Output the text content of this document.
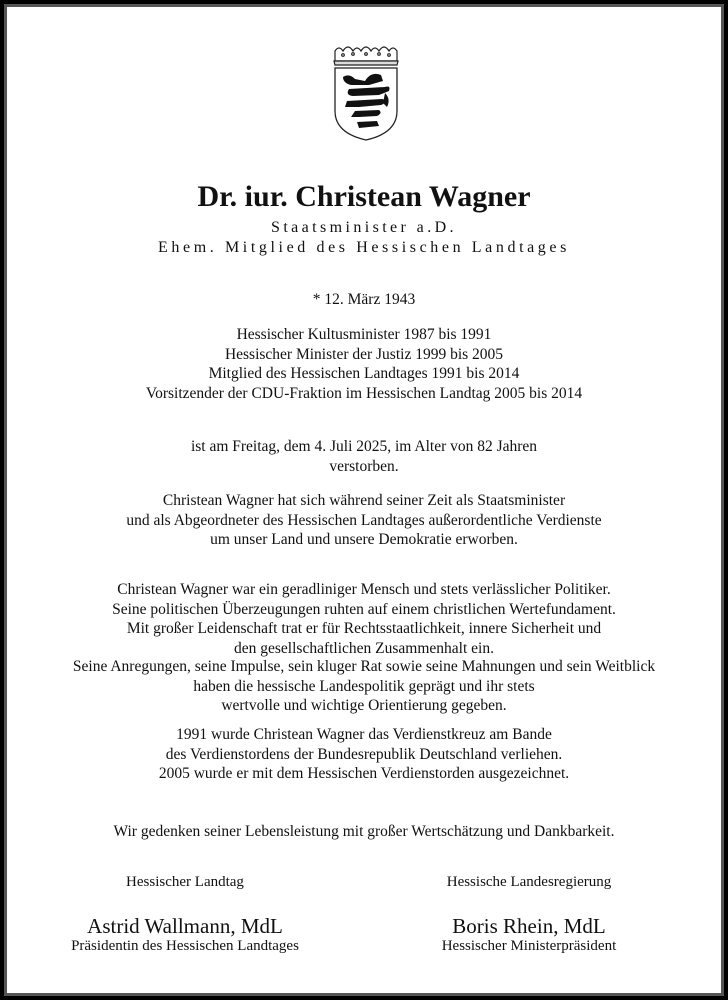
Dr. iur. Christean Wagner
Staatsminister a.D.
Ehem. Mitglied des Hessischen Landtages
* 12. März 1943
Hessischer Kultusminister 1987 bis 1991
Hessischer Minister der Justiz 1999 bis 2005
Mitglied des Hessischen Landtages 1991 bis 2014
Vorsitzender der CDU-Fraktion im Hessischen Landtag 2005 bis 2014
ist am Freitag, dem 4. Juli 2025, im Alter von 82 Jahren
verstorben.
Christean Wagner hat sich während seiner Zeit als Staatsminister
und als Abgeordneter des Hessischen Landtages außerordentliche Verdienste
um unser Land und unsere Demokratie erworben.
Christean Wagner war ein geradliniger Mensch und stets verlässlicher Politiker.
Seine politischen Überzeugungen ruhten auf einem christlichen Wertefundament.
Mit großer Leidenschaft trat er für Rechtsstaatlichkeit, innere Sicherheit und
den gesellschaftlichen Zusammenhalt ein.
Seine Anregungen, seine Impulse, sein kluger Rat sowie seine Mahnungen und sein Weitblick
haben die hessische Landespolitik geprägt und ihr stets
wertvolle und wichtige Orientierung gegeben.
1991 wurde Christean Wagner das Verdienstkreuz am Bande
des Verdienstordens der Bundesrepublik Deutschland verliehen.
2005 wurde er mit dem Hessischen Verdienstorden ausgezeichnet.
Wir gedenken seiner Lebensleistung mit großer Wertschätzung und Dankbarkeit.
Hessischer Landtag
Astrid Wallmann, MdL
Präsidentin des Hessischen Landtages
Hessische Landesregierung
Boris Rhein, MdL
Hessischer Ministerpräsident
